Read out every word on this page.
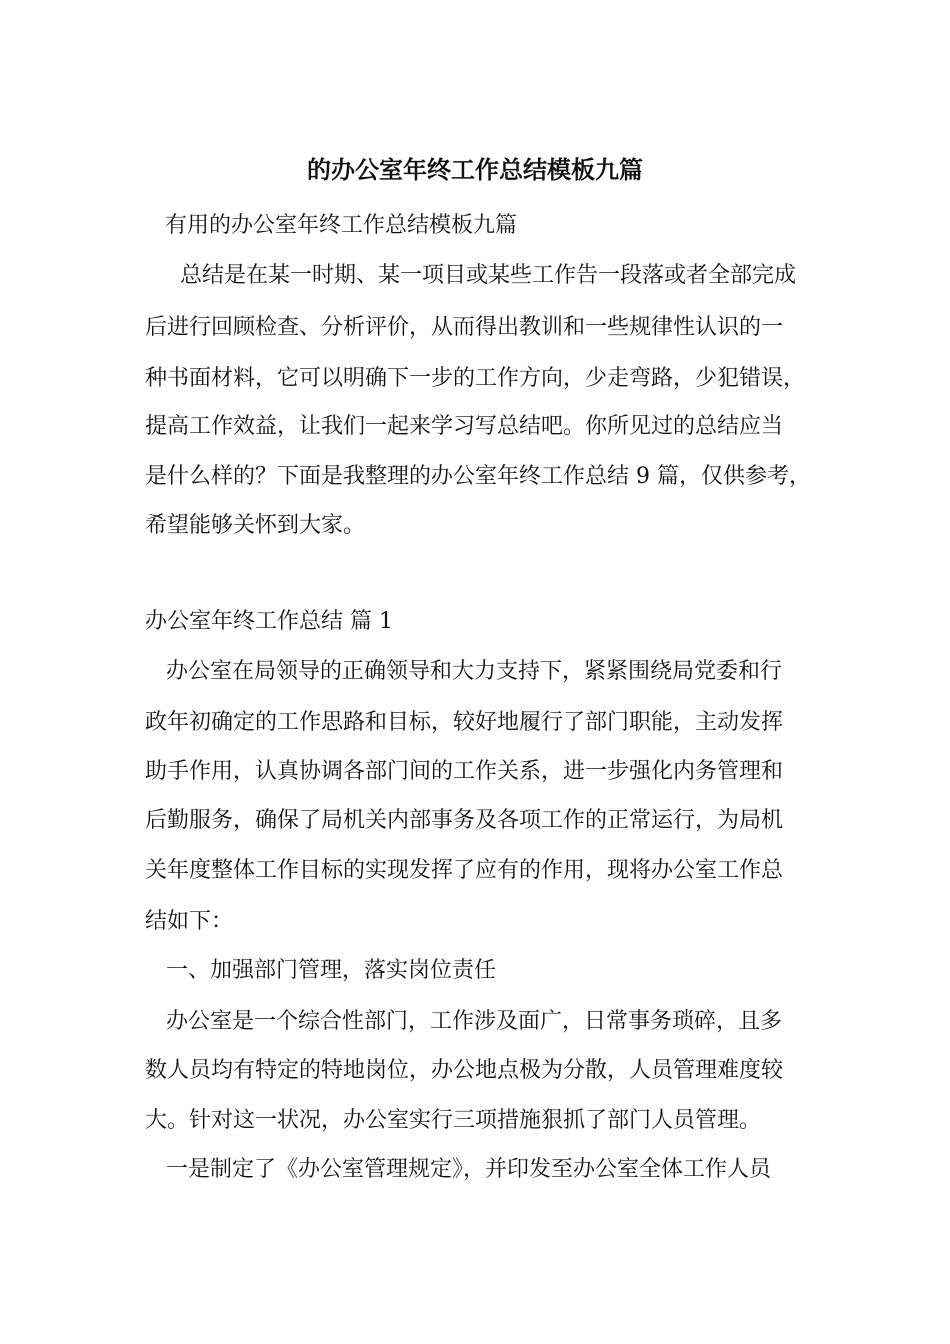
的办公室年终工作总结模板九篇
有用的办公室年终工作总结模板九篇
总结是在某一时期、某一项目或某些工作告一段落或者全部完成
后进行回顾检查、分析评价，从而得出教训和一些规律性认识的一
种书面材料，它可以明确下一步的工作方向，少走弯路，少犯错误，
提高工作效益，让我们一起来学习写总结吧。你所见过的总结应当
是什么样的？下面是我整理的办公室年终工作总结 9 篇，仅供参考，
希望能够关怀到大家。
办公室年终工作总结 篇 1
办公室在局领导的正确领导和大力支持下，紧紧围绕局党委和行
政年初确定的工作思路和目标，较好地履行了部门职能，主动发挥
助手作用，认真协调各部门间的工作关系，进一步强化内务管理和
后勤服务，确保了局机关内部事务及各项工作的正常运行，为局机
关年度整体工作目标的实现发挥了应有的作用，现将办公室工作总
结如下：
一、加强部门管理，落实岗位责任
办公室是一个综合性部门，工作涉及面广，日常事务琐碎，且多
数人员均有特定的特地岗位，办公地点极为分散，人员管理难度较
大。针对这一状况，办公室实行三项措施狠抓了部门人员管理。
一是制定了《办公室管理规定》，并印发至办公室全体工作人员
